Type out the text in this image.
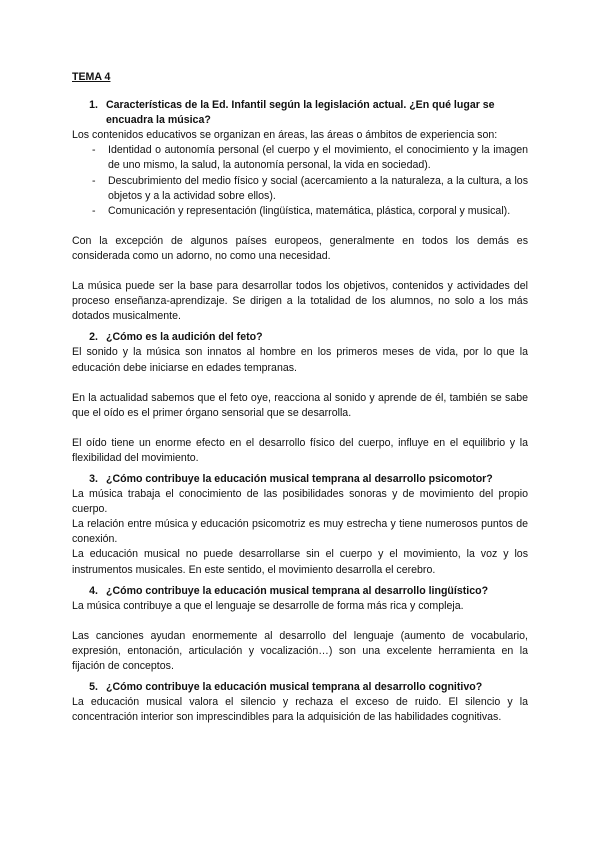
TEMA 4
1. Características de la Ed. Infantil según la legislación actual. ¿En qué lugar se encuadra la música?

Los contenidos educativos se organizan en áreas, las áreas o ámbitos de experiencia son:

-	Identidad o autonomía personal (el cuerpo y el movimiento, el conocimiento y la imagen de uno mismo, la salud, la autonomía personal, la vida en sociedad).
-	Descubrimiento del medio físico y social (acercamiento a la naturaleza, a la cultura, a los objetos y a la actividad sobre ellos).
-	Comunicación y representación (lingüística, matemática, plástica, corporal y musical).

Con la excepción de algunos países europeos, generalmente en todos los demás es considerada como un adorno, no como una necesidad.

La música puede ser la base para desarrollar todos los objetivos, contenidos y actividades del proceso enseñanza-aprendizaje. Se dirigen a la totalidad de los alumnos, no solo a los más dotados musicalmente.

2. ¿Cómo es la audición del feto?

El sonido y la música son innatos al hombre en los primeros meses de vida, por lo que la educación debe iniciarse en edades tempranas.

En la actualidad sabemos que el feto oye, reacciona al sonido y aprende de él, también se sabe que el oído es el primer órgano sensorial que se desarrolla.

El oído tiene un enorme efecto en el desarrollo físico del cuerpo, influye en el equilibrio y la flexibilidad del movimiento.

3. ¿Cómo contribuye la educación musical temprana al desarrollo psicomotor?

La música trabaja el conocimiento de las posibilidades sonoras y de movimiento del propio cuerpo.

La relación entre música y educación psicomotriz es muy estrecha y tiene numerosos puntos de conexión.

La educación musical no puede desarrollarse sin el cuerpo y el movimiento, la voz y los instrumentos musicales. En este sentido, el movimiento desarrolla el cerebro.

4. ¿Cómo contribuye la educación musical temprana al desarrollo lingüístico?

La música contribuye a que el lenguaje se desarrolle de forma más rica y compleja.

Las canciones ayudan enormemente al desarrollo del lenguaje (aumento de vocabulario, expresión, entonación, articulación y vocalización…) son una excelente herramienta en la fijación de conceptos.

5. ¿Cómo contribuye la educación musical temprana al desarrollo cognitivo?

La educación musical valora el silencio y rechaza el exceso de ruido. El silencio y la concentración interior son imprescindibles para la adquisición de las habilidades cognitivas.
